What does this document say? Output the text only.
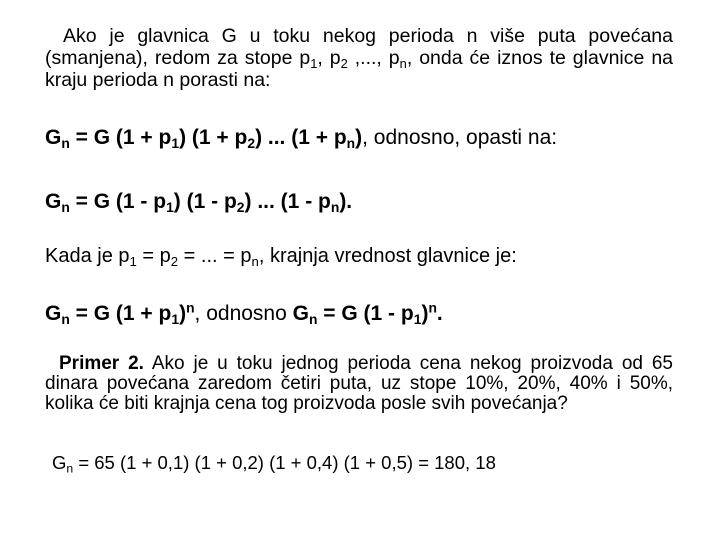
Ako je glavnica G u toku nekog perioda n više puta povećana (smanjena), redom za stope $p_1$, $p_2$ ,..., $p_n$, onda će iznos te glavnice na kraju perioda n porasti na:

$G_n = G$ $(1 + p_1)$ $(1 + p_2)$ ... $(1 + p_n)$, odnosno, opasti na:
$G_n = G$ $(1 - p_1)$ $(1 - p_2)$ ... $(1 - p_n)$.
Kada je $p_1 = p_2$ = ... = $p_n$, krajnja vrednost glavnice je:
$G_n = G$ $(1 + p_1)^n$, odnosno $G_n = G$ $(1 - p_1)^n$.

Primer 2. Ako je u toku jednog perioda cena nekog proizvoda od 65 dinara povećana zaredom četiri puta, uz stope 10%, 20%, 40% i 50%, kolika će biti krajnja cena tog proizvoda posle svih povećanja?

$G_n = 65$ (1 + 0,1) (1 + 0,2) (1 + 0,4) (1 + 0,5) = 180, 18
